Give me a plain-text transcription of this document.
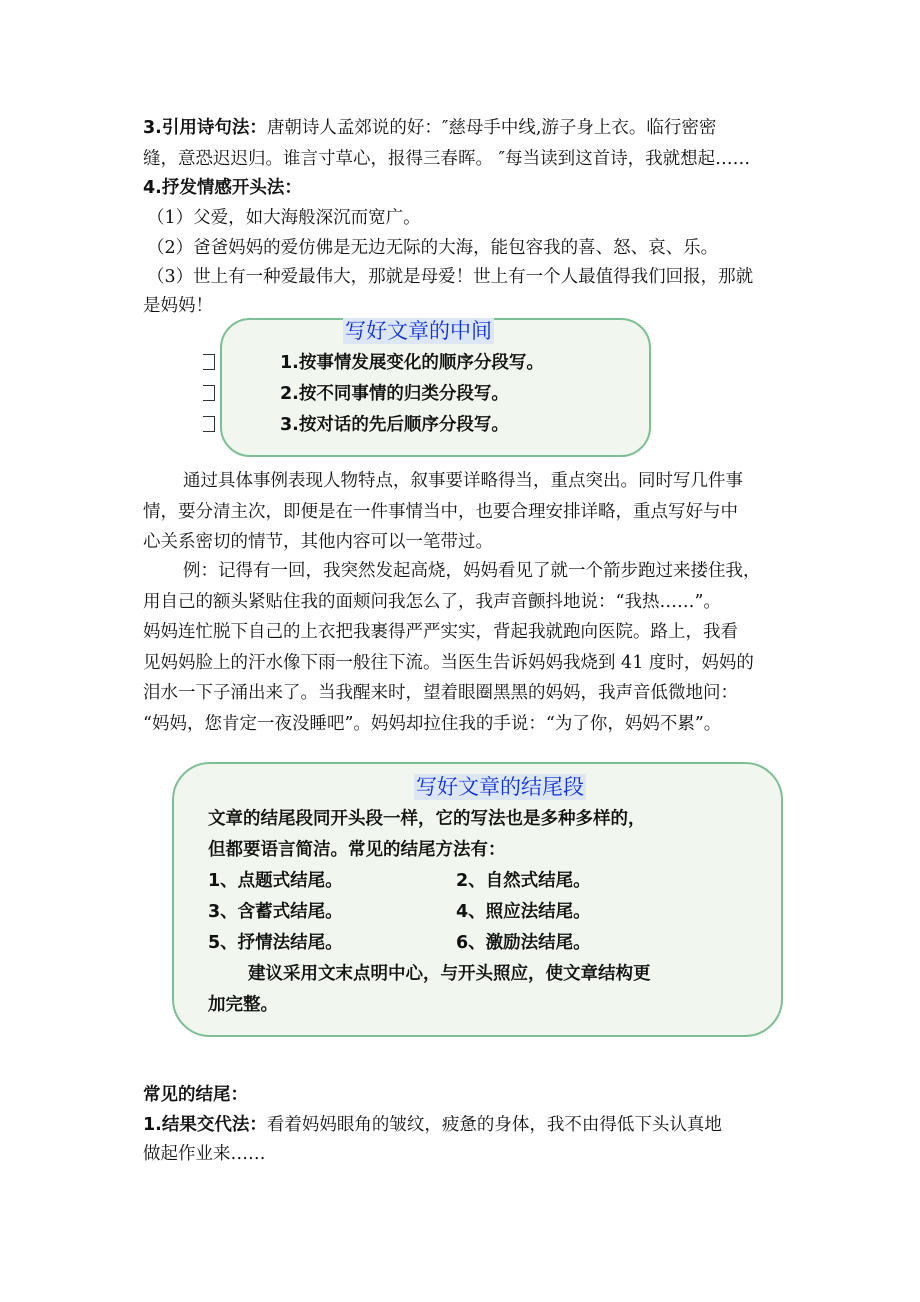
3.引用诗句法：唐朝诗人孟郊说的好：″慈母手中线,游子身上衣。临行密密
缝，意恐迟迟归。谁言寸草心，报得三春晖。 ″每当读到这首诗，我就想起……
4.抒发情感开头法：
（1）父爱，如大海般深沉而宽广。
（2）爸爸妈妈的爱仿佛是无边无际的大海，能包容我的喜、怒、哀、乐。
（3）世上有一种爱最伟大，那就是母爱！世上有一个人最值得我们回报，那就
是妈妈！
写好文章的中间
1.按事情发展变化的顺序分段写。
2.按不同事情的归类分段写。
3.按对话的先后顺序分段写。

通过具体事例表现人物特点，叙事要详略得当，重点突出。同时写几件事

情，要分清主次，即便是在一件事情当中，也要合理安排详略，重点写好与中

心关系密切的情节，其他内容可以一笔带过。

例：记得有一回，我突然发起高烧，妈妈看见了就一个箭步跑过来搂住我，

用自己的额头紧贴住我的面颊问我怎么了，我声音颤抖地说：“我热……”。

妈妈连忙脱下自己的上衣把我裹得严严实实，背起我就跑向医院。路上，我看

见妈妈脸上的汗水像下雨一般往下流。当医生告诉妈妈我烧到 41 度时，妈妈的

泪水一下子涌出来了。当我醒来时，望着眼圈黑黑的妈妈，我声音低微地问：

“妈妈，您肯定一夜没睡吧”。妈妈却拉住我的手说：“为了你，妈妈不累”。

写好文章的结尾段
文章的结尾段同开头段一样，它的写法也是多种多样的，
但都要语言简洁。常见的结尾方法有：
1、点题式结尾。	2、自然式结尾。
3、含蓄式结尾。	4、照应法结尾。
5、抒情法结尾。	6、激励法结尾。
建议采用文末点明中心，与开头照应，使文章结构更
加完整。
常见的结尾：
1.结果交代法：看着妈妈眼角的皱纹，疲惫的身体，我不由得低下头认真地
做起作业来……
